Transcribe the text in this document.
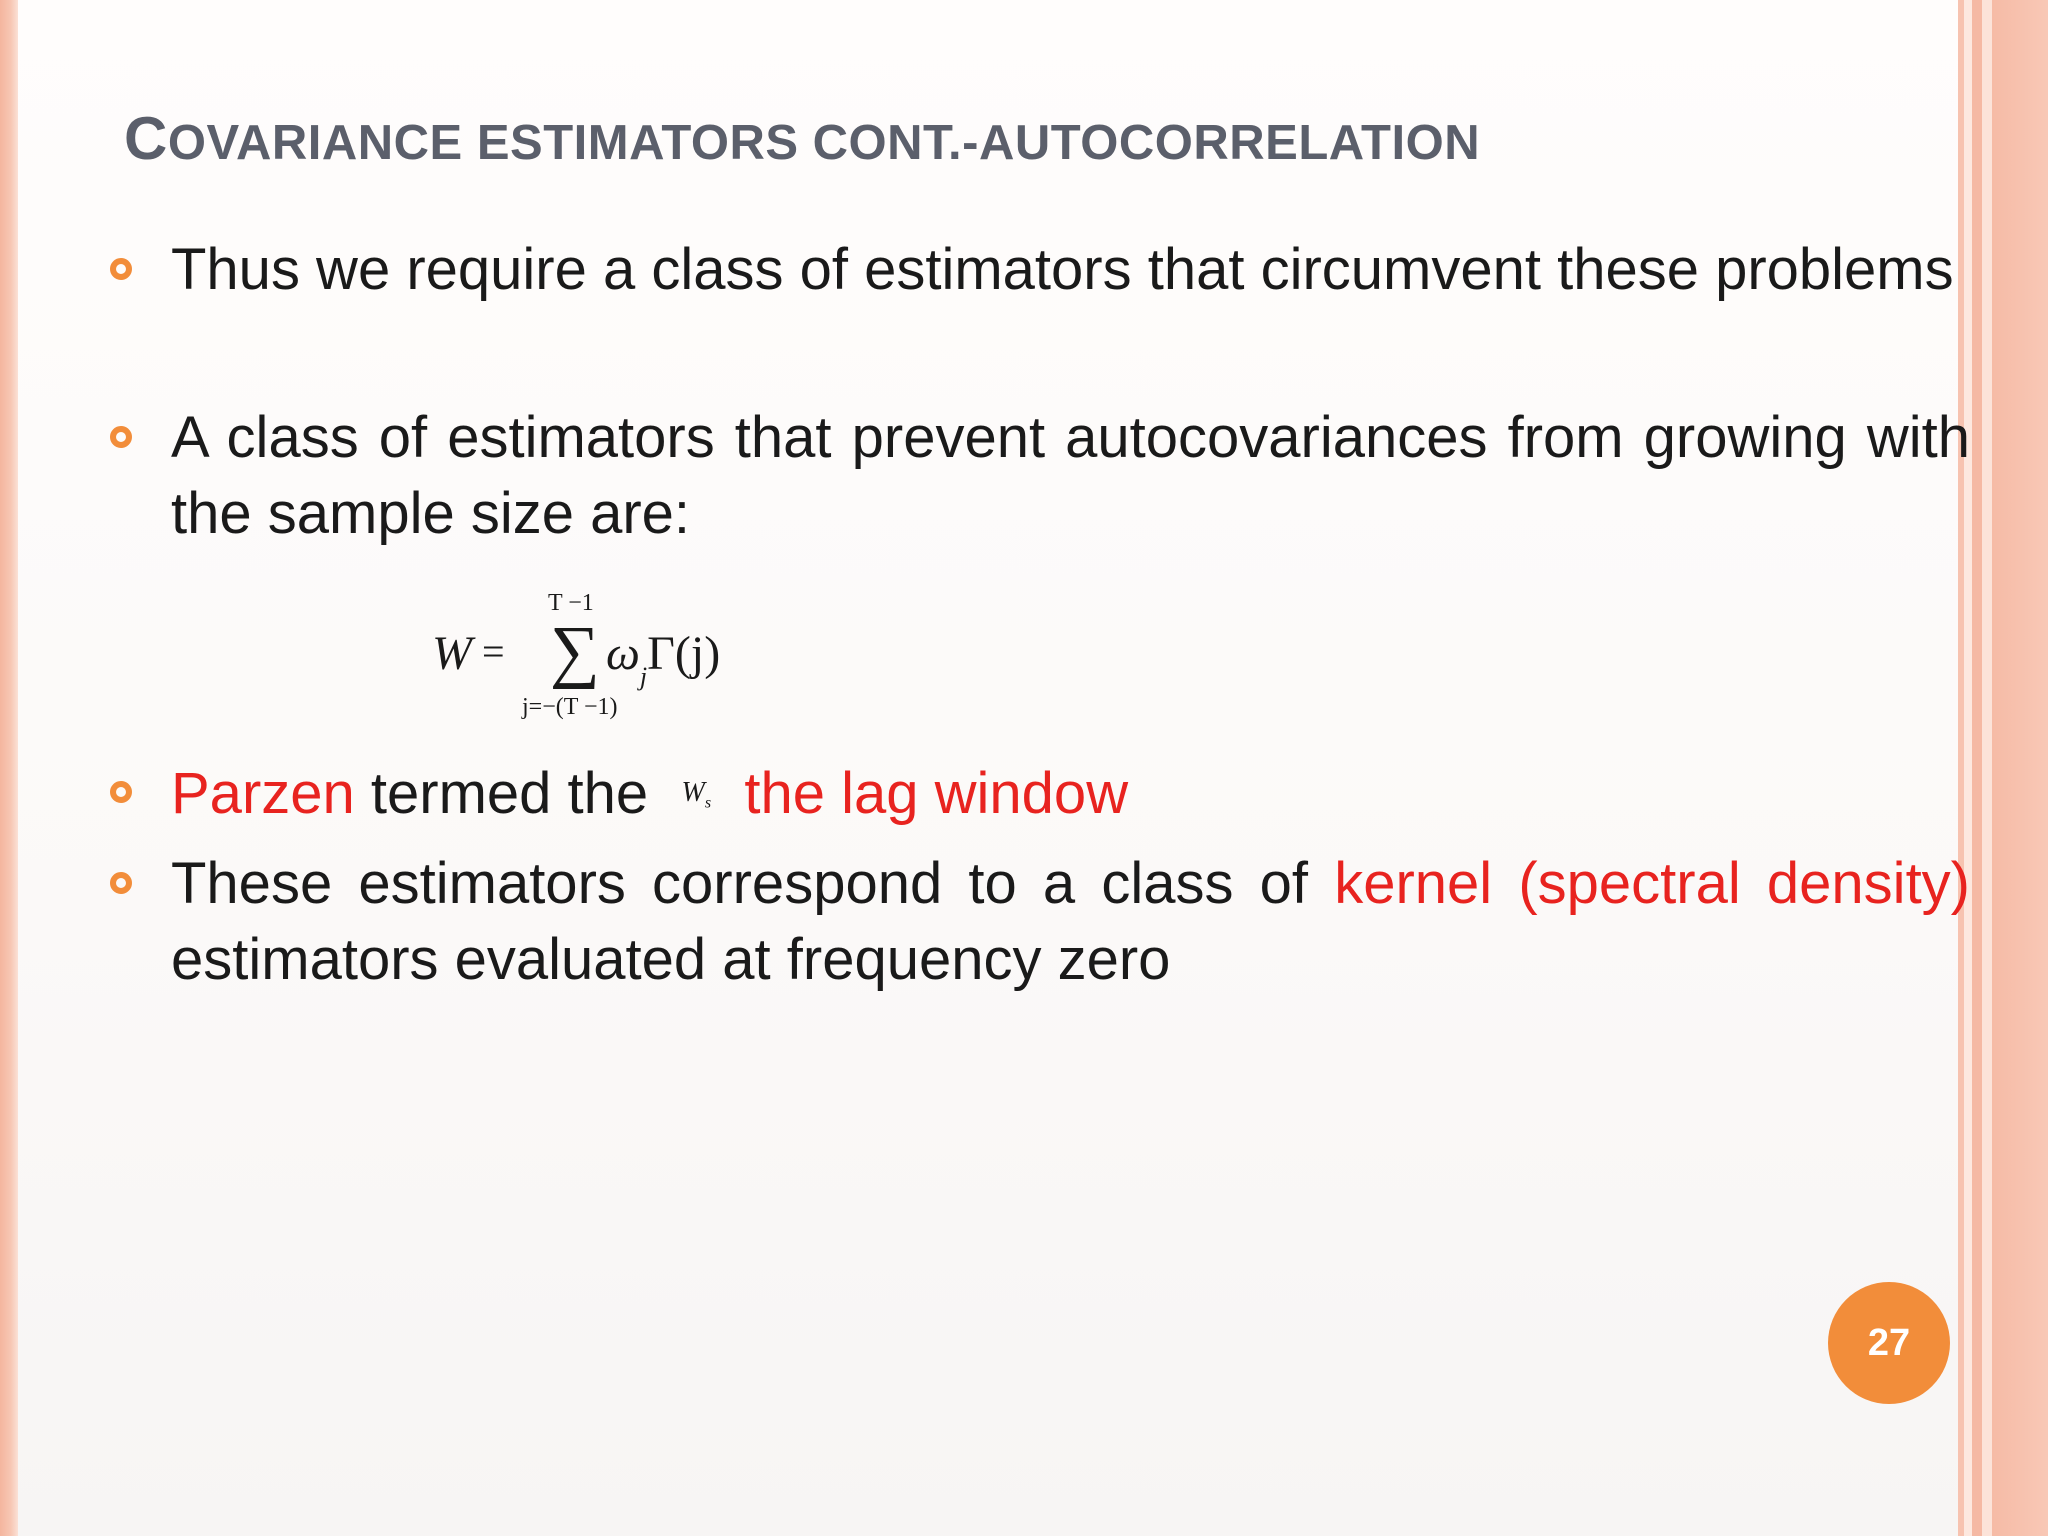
COVARIANCE ESTIMATORS CONT.-AUTOCORRELATION
Thus we require a class of estimators that circumvent these problems
A class of estimators that prevent autocovariances from growing with the sample size are:
W =
T −1
∑
j=−(T −1)
$\omega_j\Gamma(j)$
Parzen termed the $W_s$ the lag window
These estimators correspond to a class of kernel (spectral density) estimators evaluated at frequency zero
27
